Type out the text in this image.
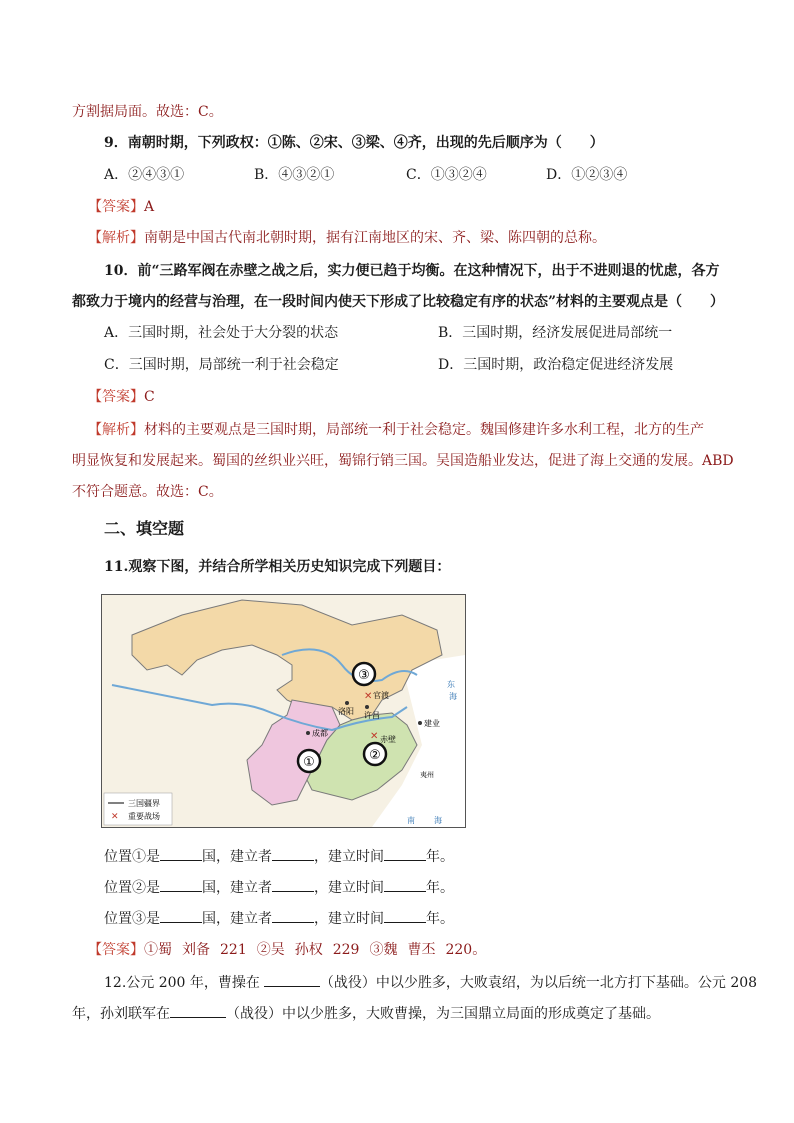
方割据局面。故选：C。
9．南朝时期，下列政权：①陈、②宋、③梁、④齐，出现的先后顺序为（　　）
A．②④③①	B．④③②①	C．①③②④	D．①②③④
【答案】A
【解析】南朝是中国古代南北朝时期，据有江南地区的宋、齐、梁、陈四朝的总称。
10．前“三路军阀在赤壁之战之后，实力便已趋于均衡。在这种情况下，出于不进则退的忧虑，各方
都致力于境内的经营与治理，在一段时间内使天下形成了比较稳定有序的状态”材料的主要观点是（　　）
A．三国时期，社会处于大分裂的状态	B．三国时期，经济发展促进局部统一
C．三国时期，局部统一利于社会稳定	D．三国时期，政治稳定促进经济发展
【答案】C
【解析】材料的主要观点是三国时期，局部统一利于社会稳定。魏国修建许多水利工程，北方的生产
明显恢复和发展起来。蜀国的丝织业兴旺，蜀锦行销三国。吴国造船业发达，促进了海上交通的发展。ABD
不符合题意。故选：C。
二、填空题
11.观察下图，并结合所学相关历史知识完成下列题目：
③
②
①
✕
✕
官渡
洛阳 许昌
成都
赤壁
建业
东
海
南 海
夷州
三国疆界
✕ 重要战场
位置①是	国，建立者	，建立时间	年。
位置②是	国，建立者	，建立时间	年。
位置③是	国，建立者	，建立时间	年。
【答案】①蜀 刘备 221 ②吴 孙权 229 ③魏 曹丕 220。
12.公元 200 年，曹操在	（战役）中以少胜多，大败袁绍，为以后统一北方打下基础。公元 208
年，孙刘联军在	（战役）中以少胜多，大败曹操，为三国鼎立局面的形成奠定了基础。
